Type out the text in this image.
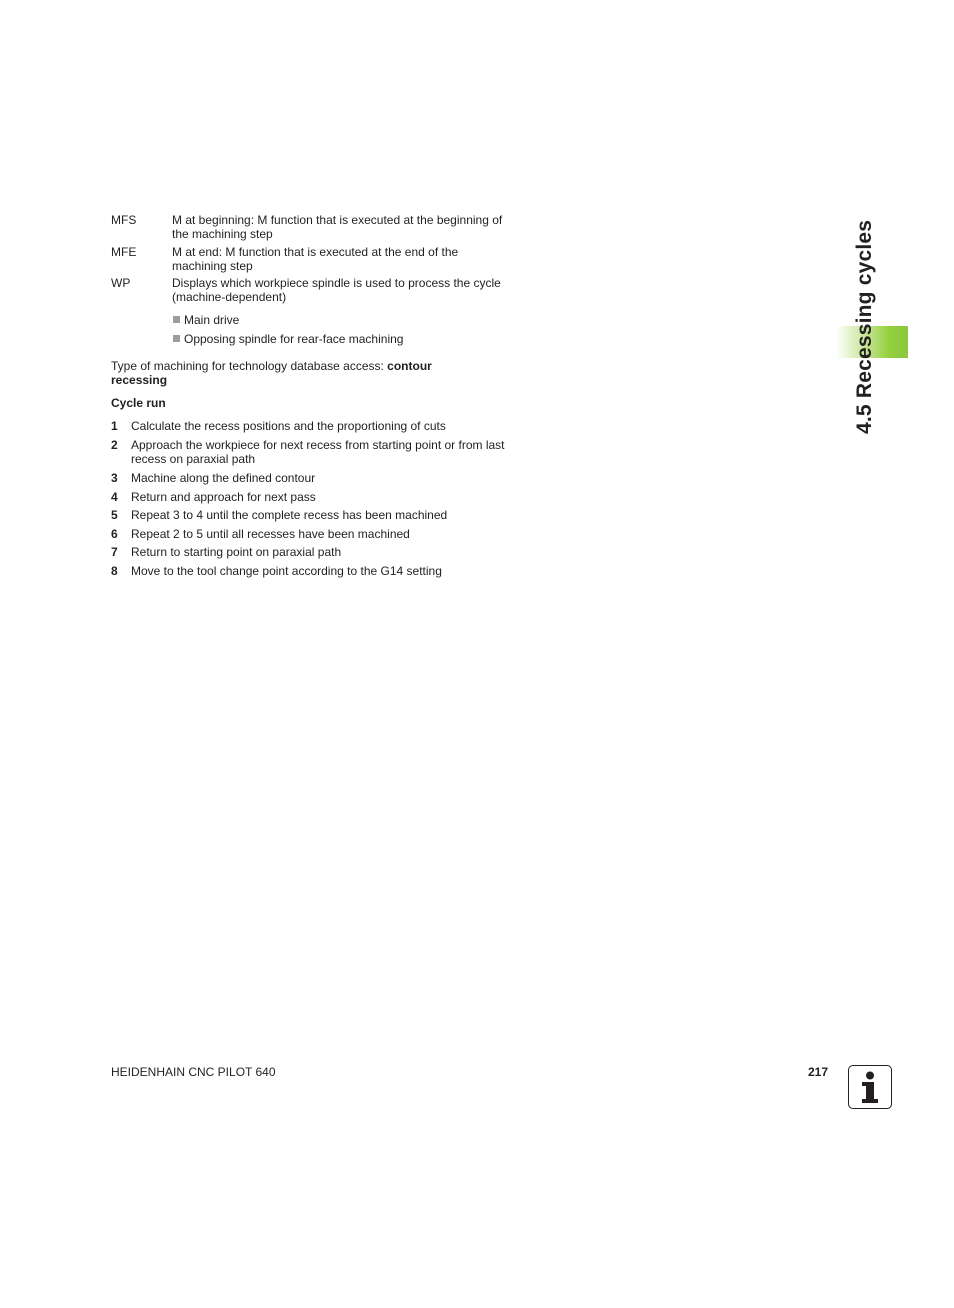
4.5 Recessing cycles
MFS	M at beginning: M function that is executed at the beginning of the machining step
MFE	M at end: M function that is executed at the end of the machining step
WP	Displays which workpiece spindle is used to process the cycle (machine-dependent)
Main drive
Opposing spindle for rear-face machining
Type of machining for technology database access: contour
recessing
Cycle run
1 Calculate the recess positions and the proportioning of cuts
2 Approach the workpiece for next recess from starting point or from last recess on paraxial path
3 Machine along the defined contour
4 Return and approach for next pass
5 Repeat 3 to 4 until the complete recess has been machined
6 Repeat 2 to 5 until all recesses have been machined
7 Return to starting point on paraxial path
8 Move to the tool change point according to the G14 setting
HEIDENHAIN CNC PILOT 640	217
